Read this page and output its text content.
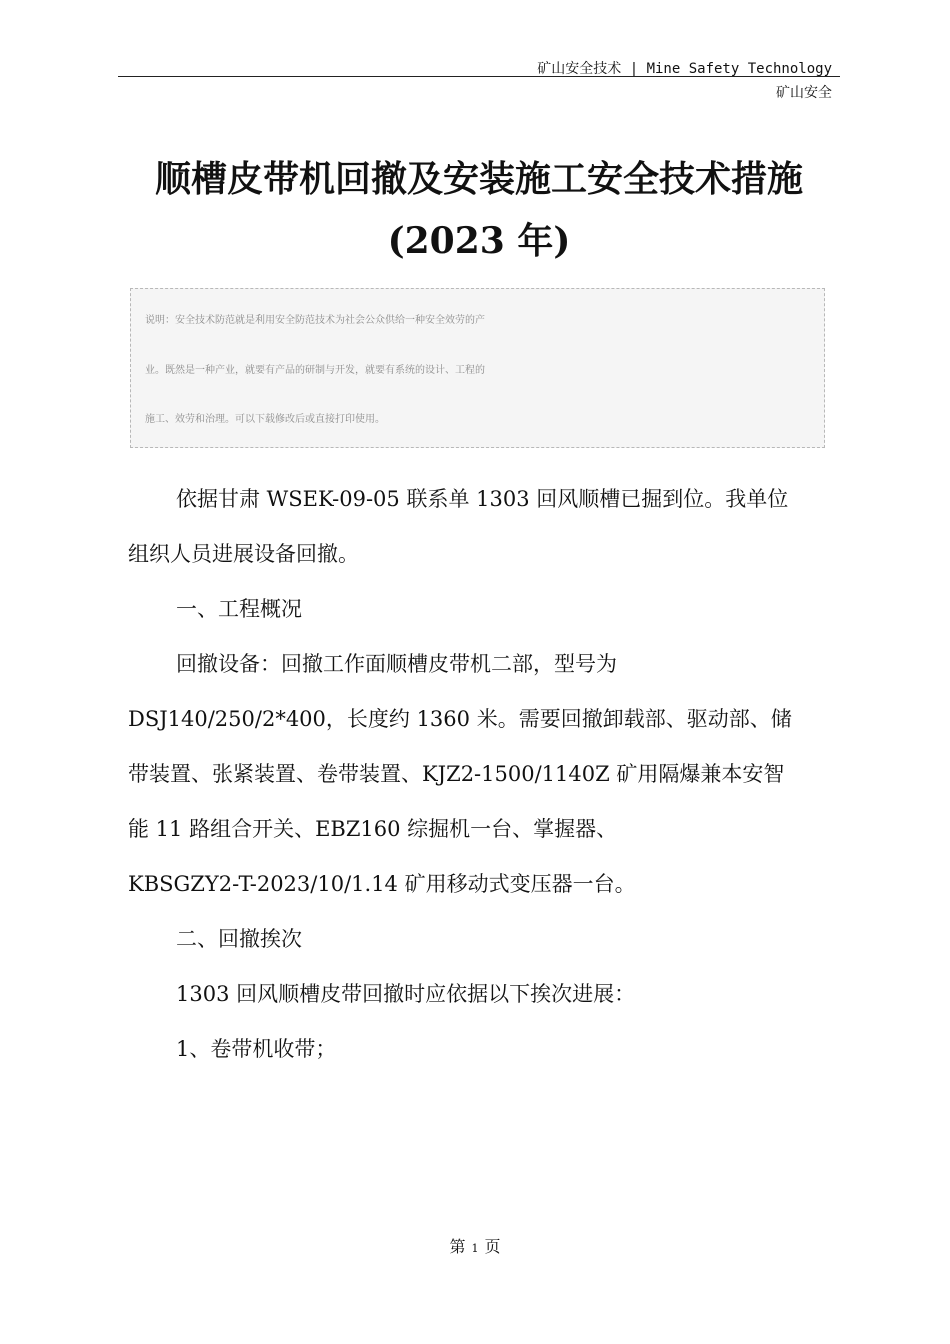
矿山安全技术 | Mine Safety Technology
矿山安全
顺槽皮带机回撤及安装施工安全技术措施
(2023 年)
说明：安全技术防范就是利用安全防范技术为社会公众供给一种安全效劳的产
业。既然是一种产业，就要有产品的研制与开发，就要有系统的设计、工程的
施工、效劳和治理。可以下载修改后或直接打印使用。

依据甘肃 WSEK-09-05 联系单 1303 回风顺槽已掘到位。我单位

组织人员进展设备回撤。

一、工程概况

回撤设备：回撤工作面顺槽皮带机二部，型号为

DSJ140/250/2*400，长度约 1360 米。需要回撤卸载部、驱动部、储

带装置、张紧装置、卷带装置、KJZ2-1500/1140Z 矿用隔爆兼本安智

能 11 路组合开关、EBZ160 综掘机一台、掌握器、

KBSGZY2-T-2023/10/1.14 矿用移动式变压器一台。

二、回撤挨次

1303 回风顺槽皮带回撤时应依据以下挨次进展：

1、卷带机收带；

第 1 页
